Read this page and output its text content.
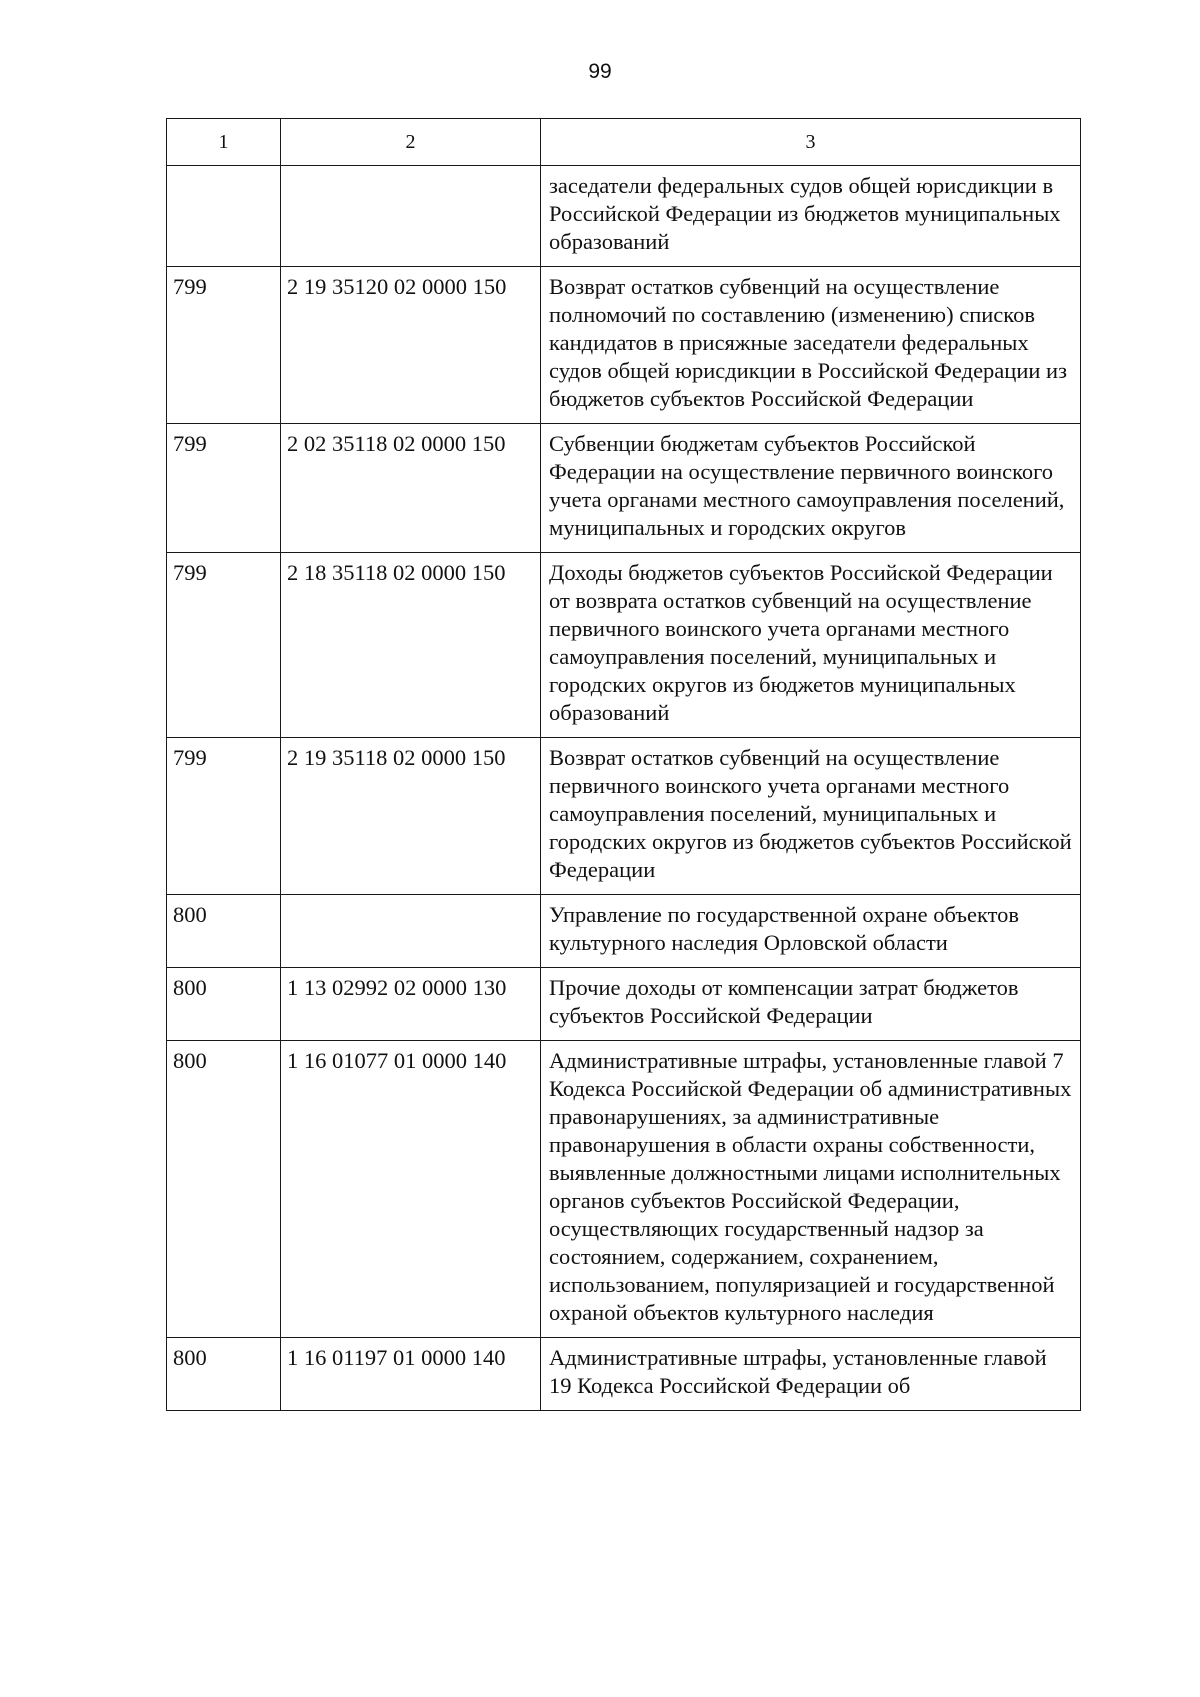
99
1	2	3
		заседатели федеральных судов общей юрисдикции в Российской Федерации из бюджетов муниципальных образований
799	2 19 35120 02 0000 150	Возврат остатков субвенций на осуществление полномочий по составлению (изменению) списков кандидатов в присяжные заседатели федеральных судов общей юрисдикции в Российской Федерации из бюджетов субъектов Российской Федерации
799	2 02 35118 02 0000 150	Субвенции бюджетам субъектов Российской Федерации на осуществление первичного воинского учета органами местного самоуправления поселений, муниципальных и городских округов
799	2 18 35118 02 0000 150	Доходы бюджетов субъектов Российской Федерации от возврата остатков субвенций на осуществление первичного воинского учета органами местного самоуправления поселений, муниципальных и городских округов из бюджетов муниципальных образований
799	2 19 35118 02 0000 150	Возврат остатков субвенций на осуществление первичного воинского учета органами местного самоуправления поселений, муниципальных и городских округов из бюджетов субъектов Российской Федерации
800		Управление по государственной охране объектов культурного наследия Орловской области
800	1 13 02992 02 0000 130	Прочие доходы от компенсации затрат бюджетов субъектов Российской Федерации
800	1 16 01077 01 0000 140	Административные штрафы, установленные главой 7 Кодекса Российской Федерации об административных правонарушениях, за административные правонарушения в области охраны собственности, выявленные должностными лицами исполнительных органов субъектов Российской Федерации, осуществляющих государственный надзор за состоянием, содержанием, сохранением, использованием, популяризацией и государственной охраной объектов культурного наследия
800	1 16 01197 01 0000 140	Административные штрафы, установленные главой 19 Кодекса Российской Федерации об
